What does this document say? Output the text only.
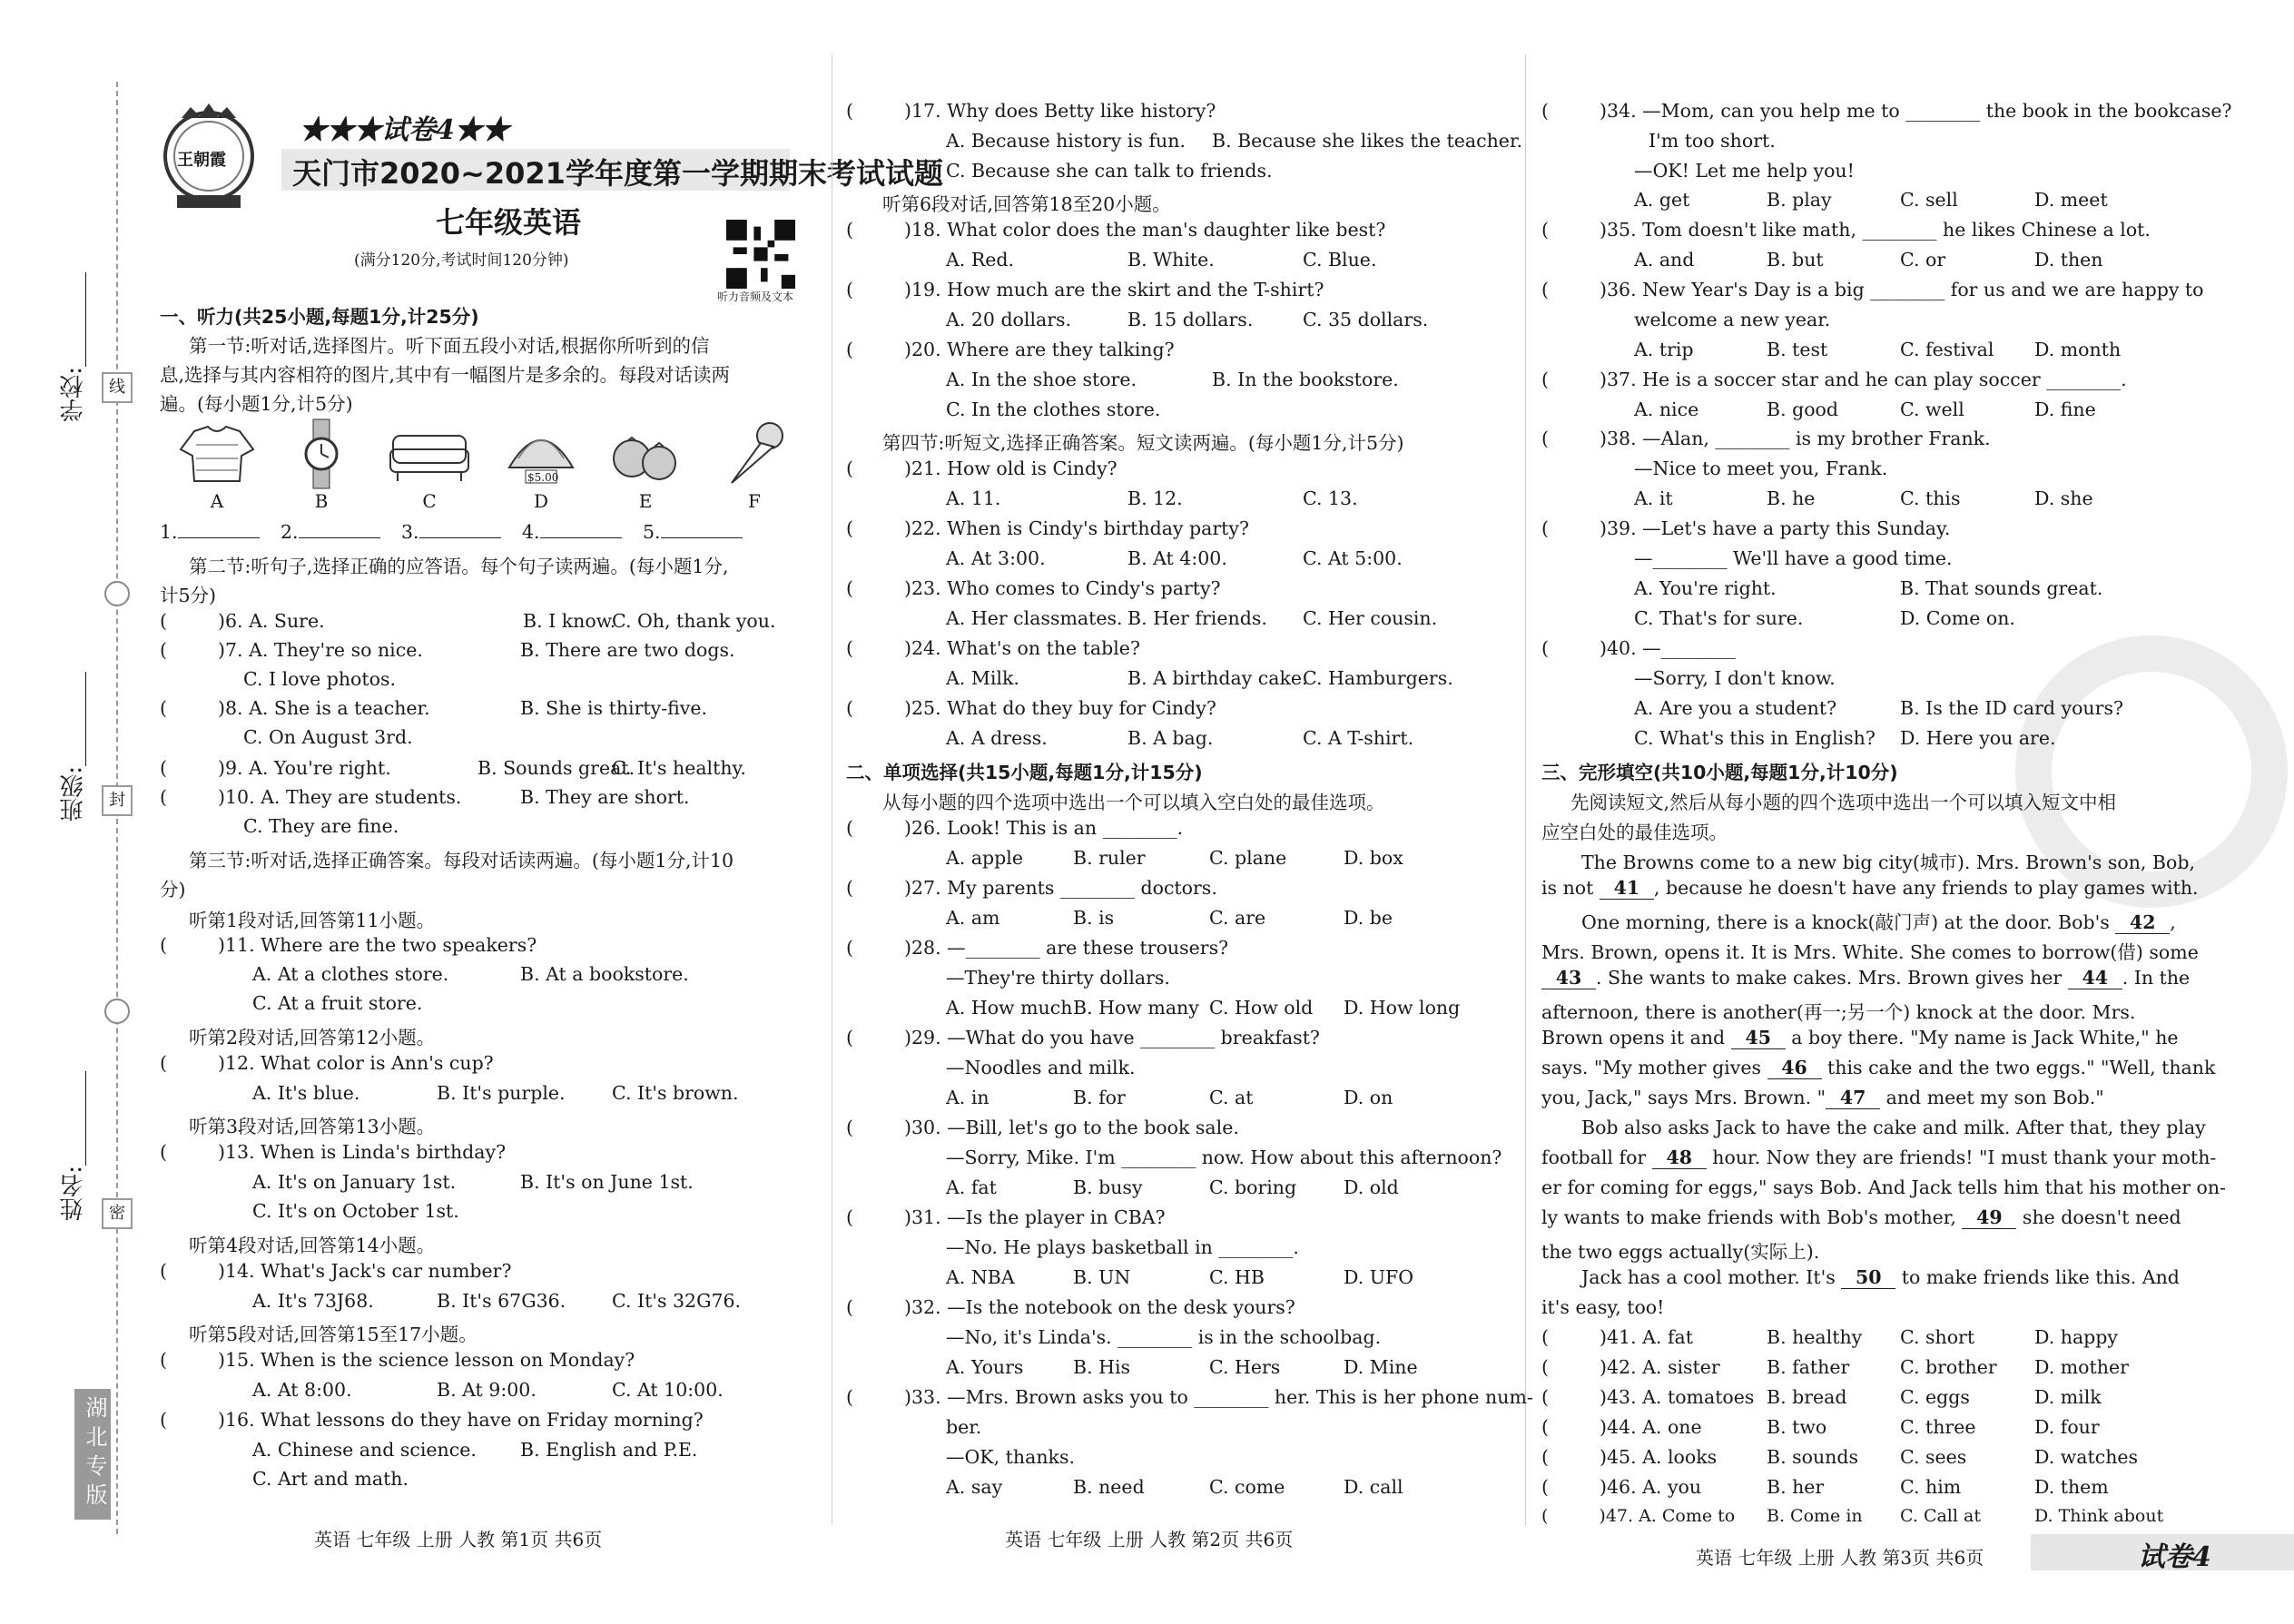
学校:________
班级:________
姓名:________
线
封
密
湖北专版
王朝霞
★★★试卷4★★
天门市2020~2021学年度第一学期期末考试试题
七年级英语
(满分120分,考试时间120分钟)
听力音频及文本
一、听力(共25小题,每题1分,计25分)
第一节:听对话,选择图片。听下面五段小对话,根据你所听到的信
息,选择与其内容相符的图片,其中有一幅图片是多余的。每段对话读两
遍。(每小题1分,计5分)
$5.00
A	B	C	D	E	F
1.	2.	3.	4.	5.
第二节:听句子,选择正确的应答语。每个句子读两遍。(每小题1分,
计5分)
(	)6. A. Sure.	B. I know.
C. Oh, thank you.
(	)7. A. They're so nice.	B. There are two dogs.
C. I love photos.
(	)8. A. She is a teacher.	B. She is thirty-five.
C. On August 3rd.
(	)9. A. You're right.	B. Sounds great.
C. It's healthy.
(	)10. A. They are students.	B. They are short.
C. They are fine.
第三节:听对话,选择正确答案。每段对话读两遍。(每小题1分,计10
分)
听第1段对话,回答第11小题。
(	)11. Where are the two speakers?
A. At a clothes store.	B. At a bookstore.
C. At a fruit store.
听第2段对话,回答第12小题。
(	)12. What color is Ann's cup?
A. It's blue.	B. It's purple.	C. It's brown.
听第3段对话,回答第13小题。
(	)13. When is Linda's birthday?
A. It's on January 1st.	B. It's on June 1st.
C. It's on October 1st.
听第4段对话,回答第14小题。
(	)14. What's Jack's car number?
A. It's 73J68.	B. It's 67G36. C. It's 32G76.
听第5段对话,回答第15至17小题。
(	)15. When is the science lesson on Monday?
A. At 8:00.	B. At 9:00.	C. At 10:00.
(	)16. What lessons do they have on Friday morning?
A. Chinese and science. B. English and P.E.
C. Art and math.
英语 七年级 上册 人教 第1页 共6页
(	)17. Why does Betty like history?
A. Because history is fun. B. Because she likes the teacher.
C. Because she can talk to friends.
听第6段对话,回答第18至20小题。
(	)18. What color does the man's daughter like best?
A. Red.	B. White.	C. Blue.
(	)19. How much are the skirt and the T-shirt?
A. 20 dollars.	B. 15 dollars.	C. 35 dollars.
(	)20. Where are they talking?
A. In the shoe store.	B. In the bookstore.
C. In the clothes store.
第四节:听短文,选择正确答案。短文读两遍。(每小题1分,计5分)
(	)21. How old is Cindy?
A. 11.	B. 12.	C. 13.
(	)22. When is Cindy's birthday party?
A. At 3:00.	B. At 4:00.	C. At 5:00.
(	)23. Who comes to Cindy's party?
A. Her classmates. B. Her friends. C. Her cousin.
(	)24. What's on the table?
A. Milk.	B. A birthday cake.
C. Hamburgers.
(	)25. What do they buy for Cindy?
A. A dress.	B. A bag.	C. A T-shirt.
二、单项选择(共15小题,每题1分,计15分)
从每小题的四个选项中选出一个可以填入空白处的最佳选项。
(	)26. Look! This is an ________.
A. apple	B. ruler	C. plane	D. box
(	)27. My parents ________ doctors.
A. am	B. is	C. are	D. be
(	)28. —________ are these trousers?
—They're thirty dollars.
A. How much B. How many C. How old D. How long
(	)29. —What do you have ________ breakfast?
—Noodles and milk.
A. in	B. for	C. at	D. on
(	)30. —Bill, let's go to the book sale.
—Sorry, Mike. I'm ________ now. How about this afternoon?
A. fat	B. busy	C. boring	D. old
(	)31. —Is the player in CBA?
—No. He plays basketball in ________.
A. NBA	B. UN	C. HB	D. UFO
(	)32. —Is the notebook on the desk yours?
—No, it's Linda's. ________ is in the schoolbag.
A. Yours	B. His	C. Hers	D. Mine
(	)33. —Mrs. Brown asks you to ________ her. This is her phone num-
ber.
—OK, thanks.
A. say	B. need	C. come	D. call
英语 七年级 上册 人教 第2页 共6页
(	)34. —Mom, can you help me to ________ the book in the bookcase?
I'm too short.
—OK! Let me help you!
A. get	B. play	C. sell	D. meet
(	)35. Tom doesn't like math, ________ he likes Chinese a lot.
A. and	B. but	C. or	D. then
(	)36. New Year's Day is a big ________ for us and we are happy to
welcome a new year.
A. trip	B. test	C. festival D. month
(	)37. He is a soccer star and he can play soccer ________.
A. nice	B. good	C. well	D. fine
(	)38. —Alan, ________ is my brother Frank.
—Nice to meet you, Frank.
A. it	B. he	C. this	D. she
(	)39. —Let's have a party this Sunday.
—________ We'll have a good time.
A. You're right.	B. That sounds great.
C. That's for sure.	D. Come on.
(	)40. —________
—Sorry, I don't know.
A. Are you a student?	B. Is the ID card yours?
C. What's this in English? D. Here you are.
三、完形填空(共10小题,每题1分,计10分)
先阅读短文,然后从每小题的四个选项中选出一个可以填入短文中相
应空白处的最佳选项。
The Browns come to a new big city(城市). Mrs. Brown's son, Bob,
is not 41 , because he doesn't have any friends to play games with.
One morning, there is a knock(敲门声) at the door. Bob's 42 ,
Mrs. Brown, opens it. It is Mrs. White. She comes to borrow(借) some
43 . She wants to make cakes. Mrs. Brown gives her 44 . In the
afternoon, there is another(再一;另一个) knock at the door. Mrs.
Brown opens it and 45 a boy there. "My name is Jack White," he
says. "My mother gives 46 this cake and the two eggs." "Well, thank
you, Jack," says Mrs. Brown. " 47 and meet my son Bob."
Bob also asks Jack to have the cake and milk. After that, they play
football for 48 hour. Now they are friends! "I must thank your moth-
er for coming for eggs," says Bob. And Jack tells him that his mother on-
ly wants to make friends with Bob's mother, 49 she doesn't need
the two eggs actually(实际上).
Jack has a cool mother. It's 50 to make friends like this. And
it's easy, too!
(	)41. A. fat	B. healthy C. short	D. happy
(	)42. A. sister	B. father	C. brother D. mother
(	)43. A. tomatoes B. bread	C. eggs	D. milk
(	)44. A. one	B. two	C. three	D. four
(	)45. A. looks	B. sounds C. sees	D. watches
(	)46. A. you	B. her	C. him	D. them
(	)47. A. Come to B. Come in C. Call at	D. Think about
英语 七年级 上册 人教 第3页 共6页	试卷4
